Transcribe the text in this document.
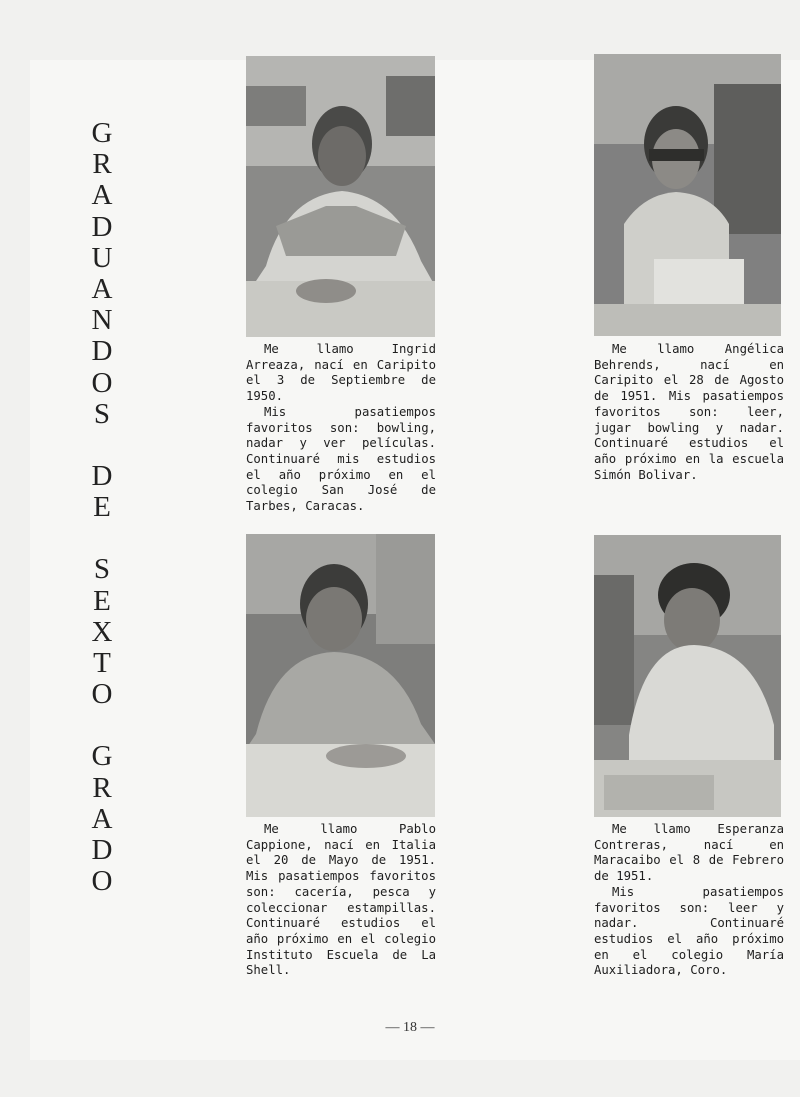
G
R
A
D
U
A
N
D
O
S
D
E
S
E
X
T
O
G
R
A
D
O

Me llamo Ingrid Arreaza, nací en Caripito el 3 de Septiembre de 1950.

Mis pasatiempos favoritos son: bowling, nadar y ver películas. Continuaré mis estudios el año próximo en el colegio San José de Tarbes, Caracas.

Me llamo Angélica Behrends, nací en Caripito el 28 de Agosto de 1951. Mis pasatiempos favoritos son: leer, jugar bowling y nadar. Continuaré estudios el año próximo en la escuela Simón Bolivar.

Me llamo Pablo Cappione, nací en Italia el 20 de Mayo de 1951. Mis pasatiempos favoritos son: cacería, pesca y coleccionar estampillas. Continuaré estudios el año próximo en el colegio Instituto Escuela de La Shell.

Me llamo Esperanza Contreras, nací en Maracaibo el 8 de Febrero de 1951.

Mis pasatiempos favoritos son: leer y nadar. Continuaré estudios el año próximo en el colegio María Auxiliadora, Coro.

— 18 —
